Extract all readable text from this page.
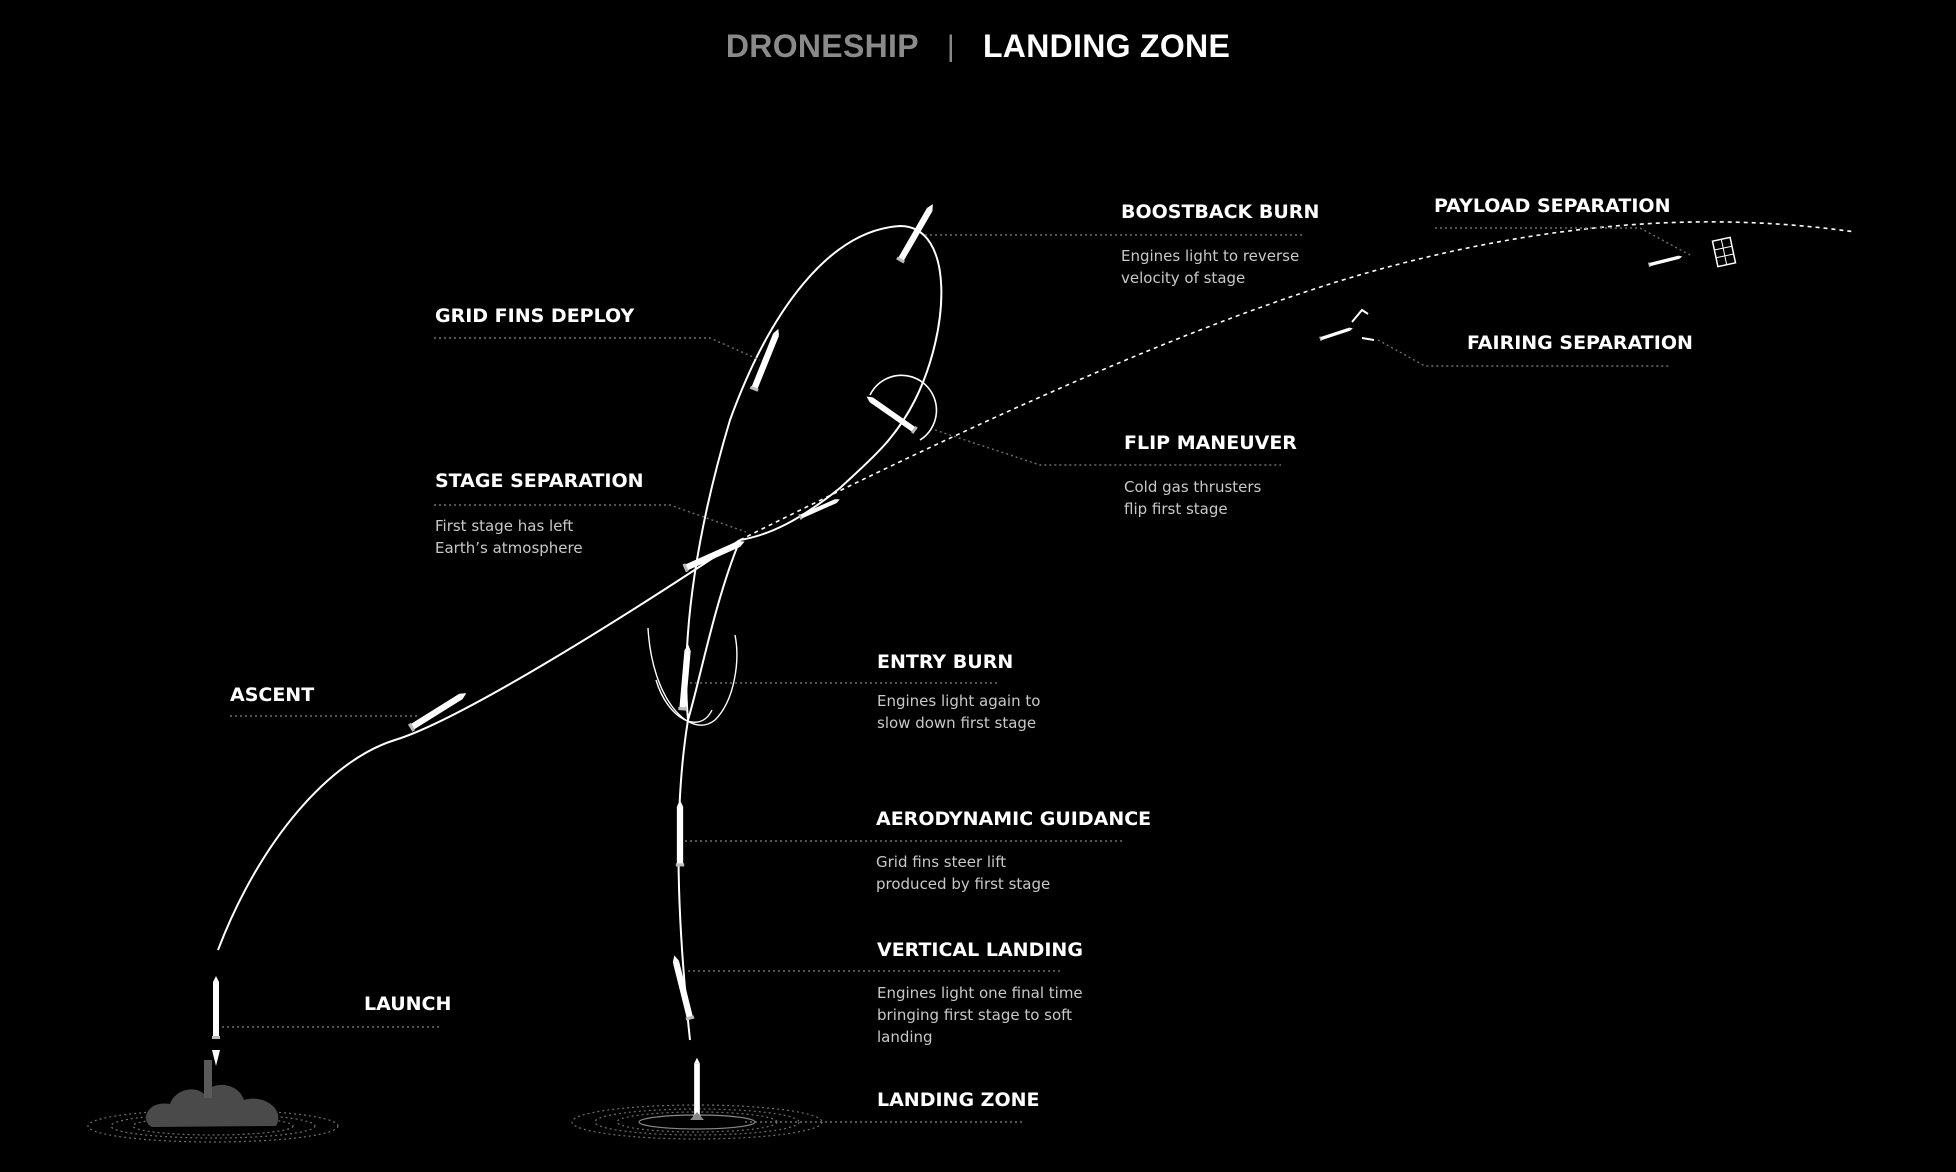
DRONESHIP | LANDING ZONE
LAUNCH
ASCENT
STAGE SEPARATION
First stage has left
Earth’s atmosphere
GRID FINS DEPLOY
BOOSTBACK BURN
Engines light to reverse
velocity of stage
FLIP MANEUVER
Cold gas thrusters
flip first stage
PAYLOAD SEPARATION
FAIRING SEPARATION
ENTRY BURN
Engines light again to
slow down first stage
AERODYNAMIC GUIDANCE
Grid fins steer lift
produced by first stage
VERTICAL LANDING
Engines light one final time
bringing first stage to soft
landing
LANDING ZONE
